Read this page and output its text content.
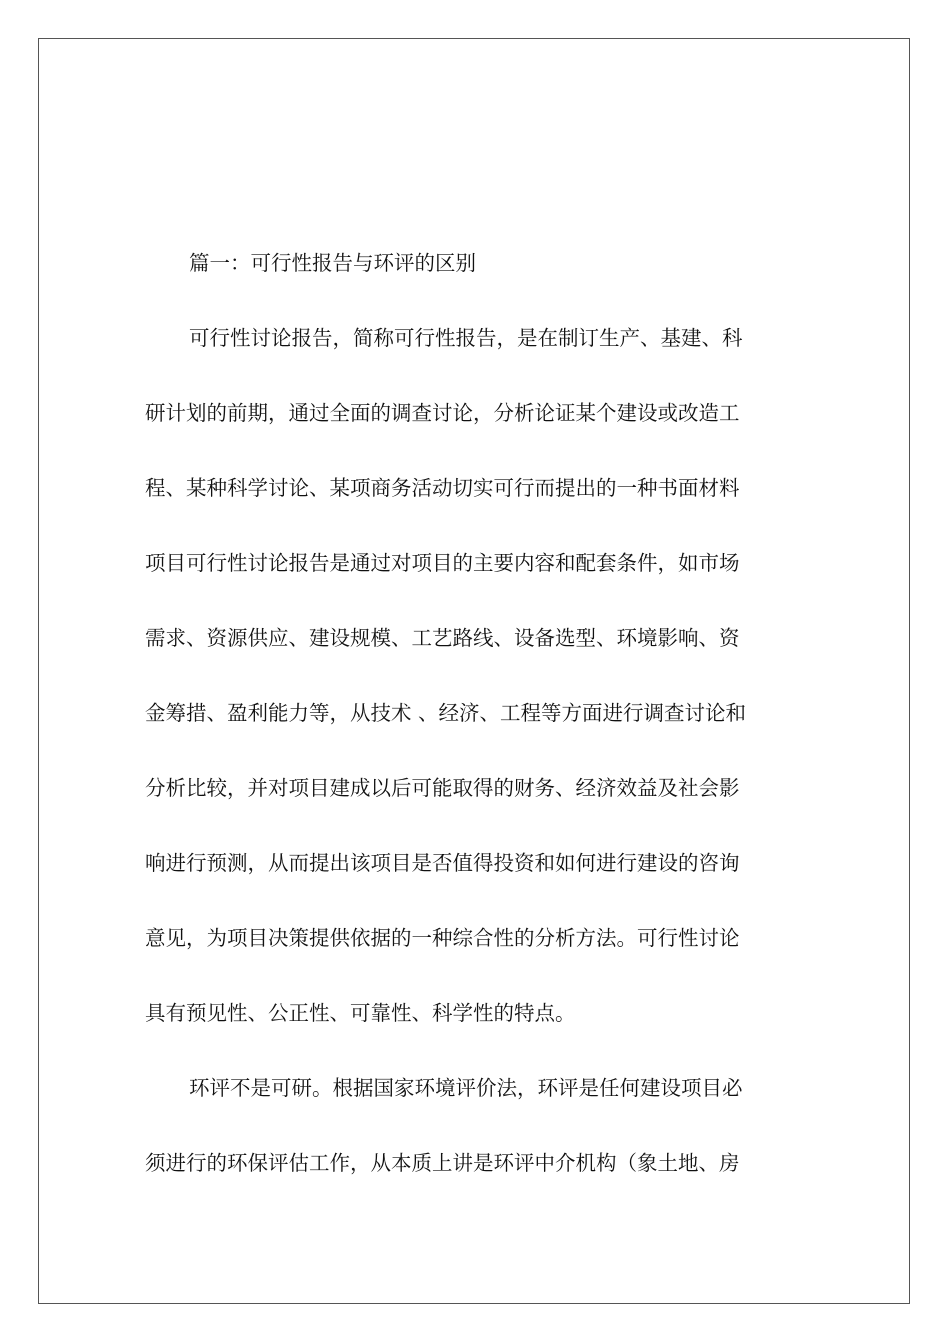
篇一：可行性报告与环评的区别
可行性讨论报告，简称可行性报告，是在制订生产、基建、科
研计划的前期，通过全面的调查讨论，分析论证某个建设或改造工
程、某种科学讨论、某项商务活动切实可行而提出的一种书面材料
项目可行性讨论报告是通过对项目的主要内容和配套条件，如市场
需求、资源供应、建设规模、工艺路线、设备选型、环境影响、资
金筹措、盈利能力等，从技术 、经济、工程等方面进行调查讨论和
分析比较，并对项目建成以后可能取得的财务、经济效益及社会影
响进行预测，从而提出该项目是否值得投资和如何进行建设的咨询
意见，为项目决策提供依据的一种综合性的分析方法。可行性讨论
具有预见性、公正性、可靠性、科学性的特点。
环评不是可研。根据国家环境评价法，环评是任何建设项目必
须进行的环保评估工作，从本质上讲是环评中介机构（象土地、房
